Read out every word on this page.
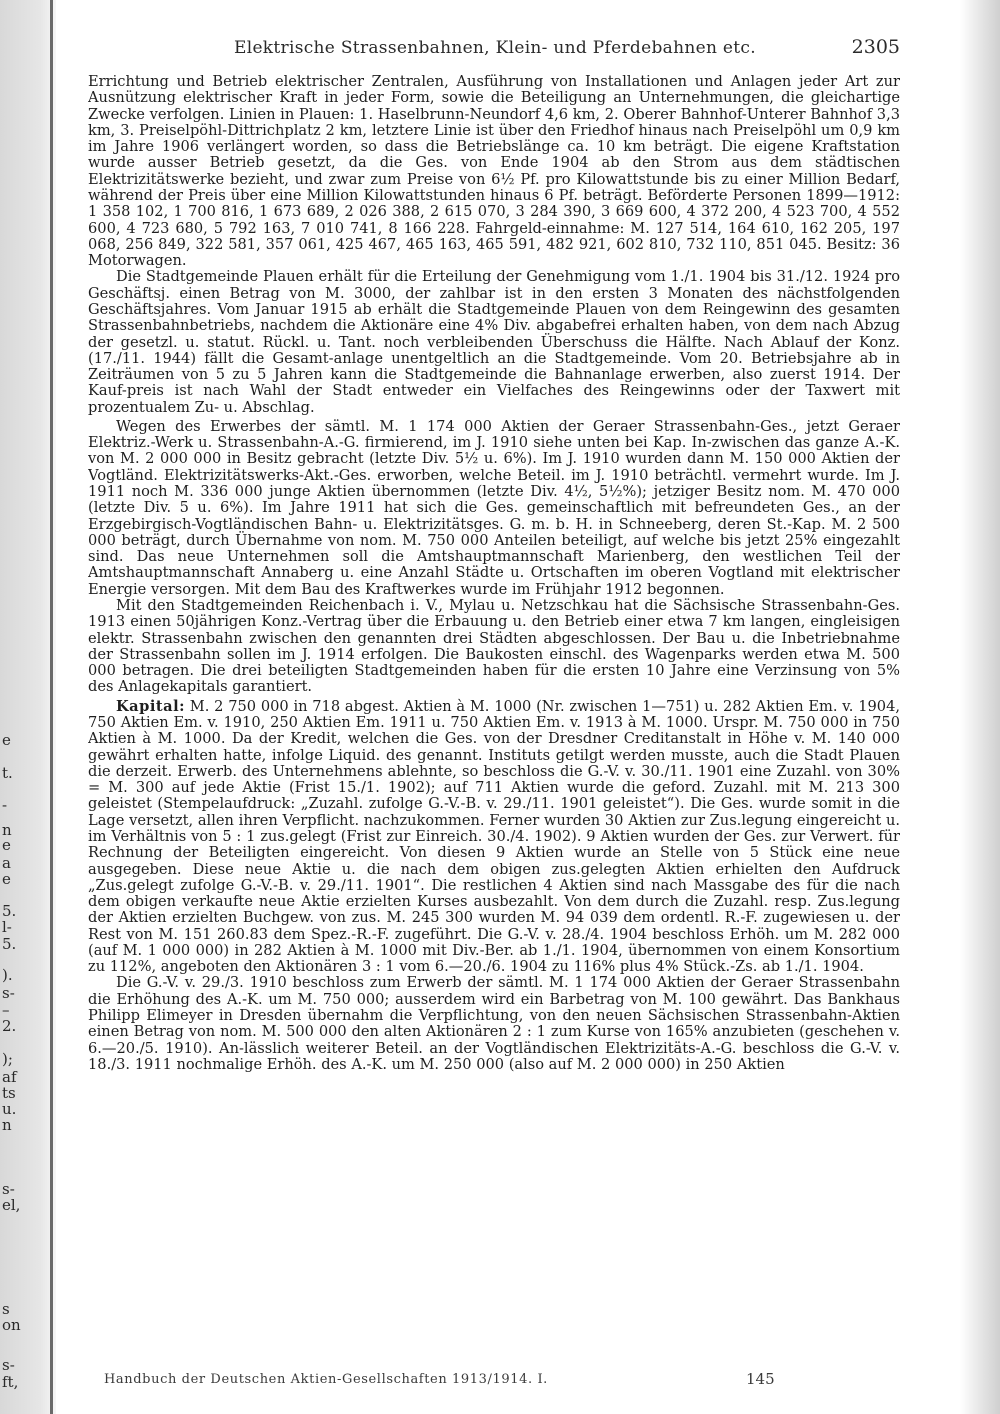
e
t.
-
n
e
a
e
5.
l-
5.
).
s-
–
2.
);
af
ts
u.
n
s-
el,
s
on
s-
ft,
Elektrische Strassenbahnen, Klein- und Pferdebahnen etc.	2305

Errichtung und Betrieb elektrischer Zentralen, Ausführung von Installationen und Anlagen jeder Art zur Ausnützung elektrischer Kraft in jeder Form, sowie die Beteiligung an Unternehmungen, die gleichartige Zwecke verfolgen. Linien in Plauen: 1. Haselbrunn-Neundorf 4,6 km, 2. Oberer Bahnhof-Unterer Bahnhof 3,3 km, 3. Preiselpöhl-Dittrichplatz 2 km, letztere Linie ist über den Friedhof hinaus nach Preiselpöhl um 0,9 km im Jahre 1906 verlängert worden, so dass die Betriebslänge ca. 10 km beträgt. Die eigene Kraftstation wurde ausser Betrieb gesetzt, da die Ges. von Ende 1904 ab den Strom aus dem städtischen Elektrizitätswerke bezieht, und zwar zum Preise von 6½ Pf. pro Kilowattstunde bis zu einer Million Bedarf, während der Preis über eine Million Kilowattstunden hinaus 6 Pf. beträgt. Beförderte Personen 1899—1912: 1 358 102, 1 700 816, 1 673 689, 2 026 388, 2 615 070, 3 284 390, 3 669 600, 4 372 200, 4 523 700, 4 552 600, 4 723 680, 5 792 163, 7 010 741, 8 166 228. Fahrgeld-einnahme: M. 127 514, 164 610, 162 205, 197 068, 256 849, 322 581, 357 061, 425 467, 465 163, 465 591, 482 921, 602 810, 732 110, 851 045. Besitz: 36 Motorwagen.

Die Stadtgemeinde Plauen erhält für die Erteilung der Genehmigung vom 1./1. 1904 bis 31./12. 1924 pro Geschäftsj. einen Betrag von M. 3000, der zahlbar ist in den ersten 3 Monaten des nächstfolgenden Geschäftsjahres. Vom Januar 1915 ab erhält die Stadtgemeinde Plauen von dem Reingewinn des gesamten Strassenbahnbetriebs, nachdem die Aktionäre eine 4% Div. abgabefrei erhalten haben, von dem nach Abzug der gesetzl. u. statut. Rückl. u. Tant. noch verbleibenden Überschuss die Hälfte. Nach Ablauf der Konz. (17./11. 1944) fällt die Gesamt-anlage unentgeltlich an die Stadtgemeinde. Vom 20. Betriebsjahre ab in Zeiträumen von 5 zu 5 Jahren kann die Stadtgemeinde die Bahnanlage erwerben, also zuerst 1914. Der Kauf-preis ist nach Wahl der Stadt entweder ein Vielfaches des Reingewinns oder der Taxwert mit prozentualem Zu- u. Abschlag.

Wegen des Erwerbes der sämtl. M. 1 174 000 Aktien der Geraer Strassenbahn-Ges., jetzt Geraer Elektriz.-Werk u. Strassenbahn-A.-G. firmierend, im J. 1910 siehe unten bei Kap. In-zwischen das ganze A.-K. von M. 2 000 000 in Besitz gebracht (letzte Div. 5½ u. 6%). Im J. 1910 wurden dann M. 150 000 Aktien der Vogtländ. Elektrizitätswerks-Akt.-Ges. erworben, welche Beteil. im J. 1910 beträchtl. vermehrt wurde. Im J. 1911 noch M. 336 000 junge Aktien übernommen (letzte Div. 4½, 5½%); jetziger Besitz nom. M. 470 000 (letzte Div. 5 u. 6%). Im Jahre 1911 hat sich die Ges. gemeinschaftlich mit befreundeten Ges., an der Erzgebirgisch-Vogtländischen Bahn- u. Elektrizitätsges. G. m. b. H. in Schneeberg, deren St.-Kap. M. 2 500 000 beträgt, durch Übernahme von nom. M. 750 000 Anteilen beteiligt, auf welche bis jetzt 25% eingezahlt sind. Das neue Unternehmen soll die Amtshauptmannschaft Marienberg, den westlichen Teil der Amtshauptmannschaft Annaberg u. eine Anzahl Städte u. Ortschaften im oberen Vogtland mit elektrischer Energie versorgen. Mit dem Bau des Kraftwerkes wurde im Frühjahr 1912 begonnen.

Mit den Stadtgemeinden Reichenbach i. V., Mylau u. Netzschkau hat die Sächsische Strassenbahn-Ges. 1913 einen 50jährigen Konz.-Vertrag über die Erbauung u. den Betrieb einer etwa 7 km langen, eingleisigen elektr. Strassenbahn zwischen den genannten drei Städten abgeschlossen. Der Bau u. die Inbetriebnahme der Strassenbahn sollen im J. 1914 erfolgen. Die Baukosten einschl. des Wagenparks werden etwa M. 500 000 betragen. Die drei beteiligten Stadtgemeinden haben für die ersten 10 Jahre eine Verzinsung von 5% des Anlagekapitals garantiert.

Kapital: M. 2 750 000 in 718 abgest. Aktien à M. 1000 (Nr. zwischen 1—751) u. 282 Aktien Em. v. 1904, 750 Aktien Em. v. 1910, 250 Aktien Em. 1911 u. 750 Aktien Em. v. 1913 à M. 1000. Urspr. M. 750 000 in 750 Aktien à M. 1000. Da der Kredit, welchen die Ges. von der Dresdner Creditanstalt in Höhe v. M. 140 000 gewährt erhalten hatte, infolge Liquid. des genannt. Instituts getilgt werden musste, auch die Stadt Plauen die derzeit. Erwerb. des Unternehmens ablehnte, so beschloss die G.-V. v. 30./11. 1901 eine Zuzahl. von 30% = M. 300 auf jede Aktie (Frist 15./1. 1902); auf 711 Aktien wurde die geford. Zuzahl. mit M. 213 300 geleistet (Stempelaufdruck: „Zuzahl. zufolge G.-V.-B. v. 29./11. 1901 geleistet“). Die Ges. wurde somit in die Lage versetzt, allen ihren Verpflicht. nachzukommen. Ferner wurden 30 Aktien zur Zus.legung eingereicht u. im Verhältnis von 5 : 1 zus.gelegt (Frist zur Einreich. 30./4. 1902). 9 Aktien wurden der Ges. zur Verwert. für Rechnung der Beteiligten eingereicht. Von diesen 9 Aktien wurde an Stelle von 5 Stück eine neue ausgegeben. Diese neue Aktie u. die nach dem obigen zus.gelegten Aktien erhielten den Aufdruck „Zus.gelegt zufolge G.-V.-B. v. 29./11. 1901“. Die restlichen 4 Aktien sind nach Massgabe des für die nach dem obigen verkaufte neue Aktie erzielten Kurses ausbezahlt. Von dem durch die Zuzahl. resp. Zus.legung der Aktien erzielten Buchgew. von zus. M. 245 300 wurden M. 94 039 dem ordentl. R.-F. zugewiesen u. der Rest von M. 151 260.83 dem Spez.-R.-F. zugeführt. Die G.-V. v. 28./4. 1904 beschloss Erhöh. um M. 282 000 (auf M. 1 000 000) in 282 Aktien à M. 1000 mit Div.-Ber. ab 1./1. 1904, übernommen von einem Konsortium zu 112%, angeboten den Aktionären 3 : 1 vom 6.—20./6. 1904 zu 116% plus 4% Stück.-Zs. ab 1./1. 1904.

Die G.-V. v. 29./3. 1910 beschloss zum Erwerb der sämtl. M. 1 174 000 Aktien der Geraer Strassenbahn die Erhöhung des A.-K. um M. 750 000; ausserdem wird ein Barbetrag von M. 100 gewährt. Das Bankhaus Philipp Elimeyer in Dresden übernahm die Verpflichtung, von den neuen Sächsischen Strassenbahn-Aktien einen Betrag von nom. M. 500 000 den alten Aktionären 2 : 1 zum Kurse von 165% anzubieten (geschehen v. 6.—20./5. 1910). An-lässlich weiterer Beteil. an der Vogtländischen Elektrizitäts-A.-G. beschloss die G.-V. v. 18./3. 1911 nochmalige Erhöh. des A.-K. um M. 250 000 (also auf M. 2 000 000) in 250 Aktien

Handbuch der Deutschen Aktien-Gesellschaften 1913/1914. I.	145
